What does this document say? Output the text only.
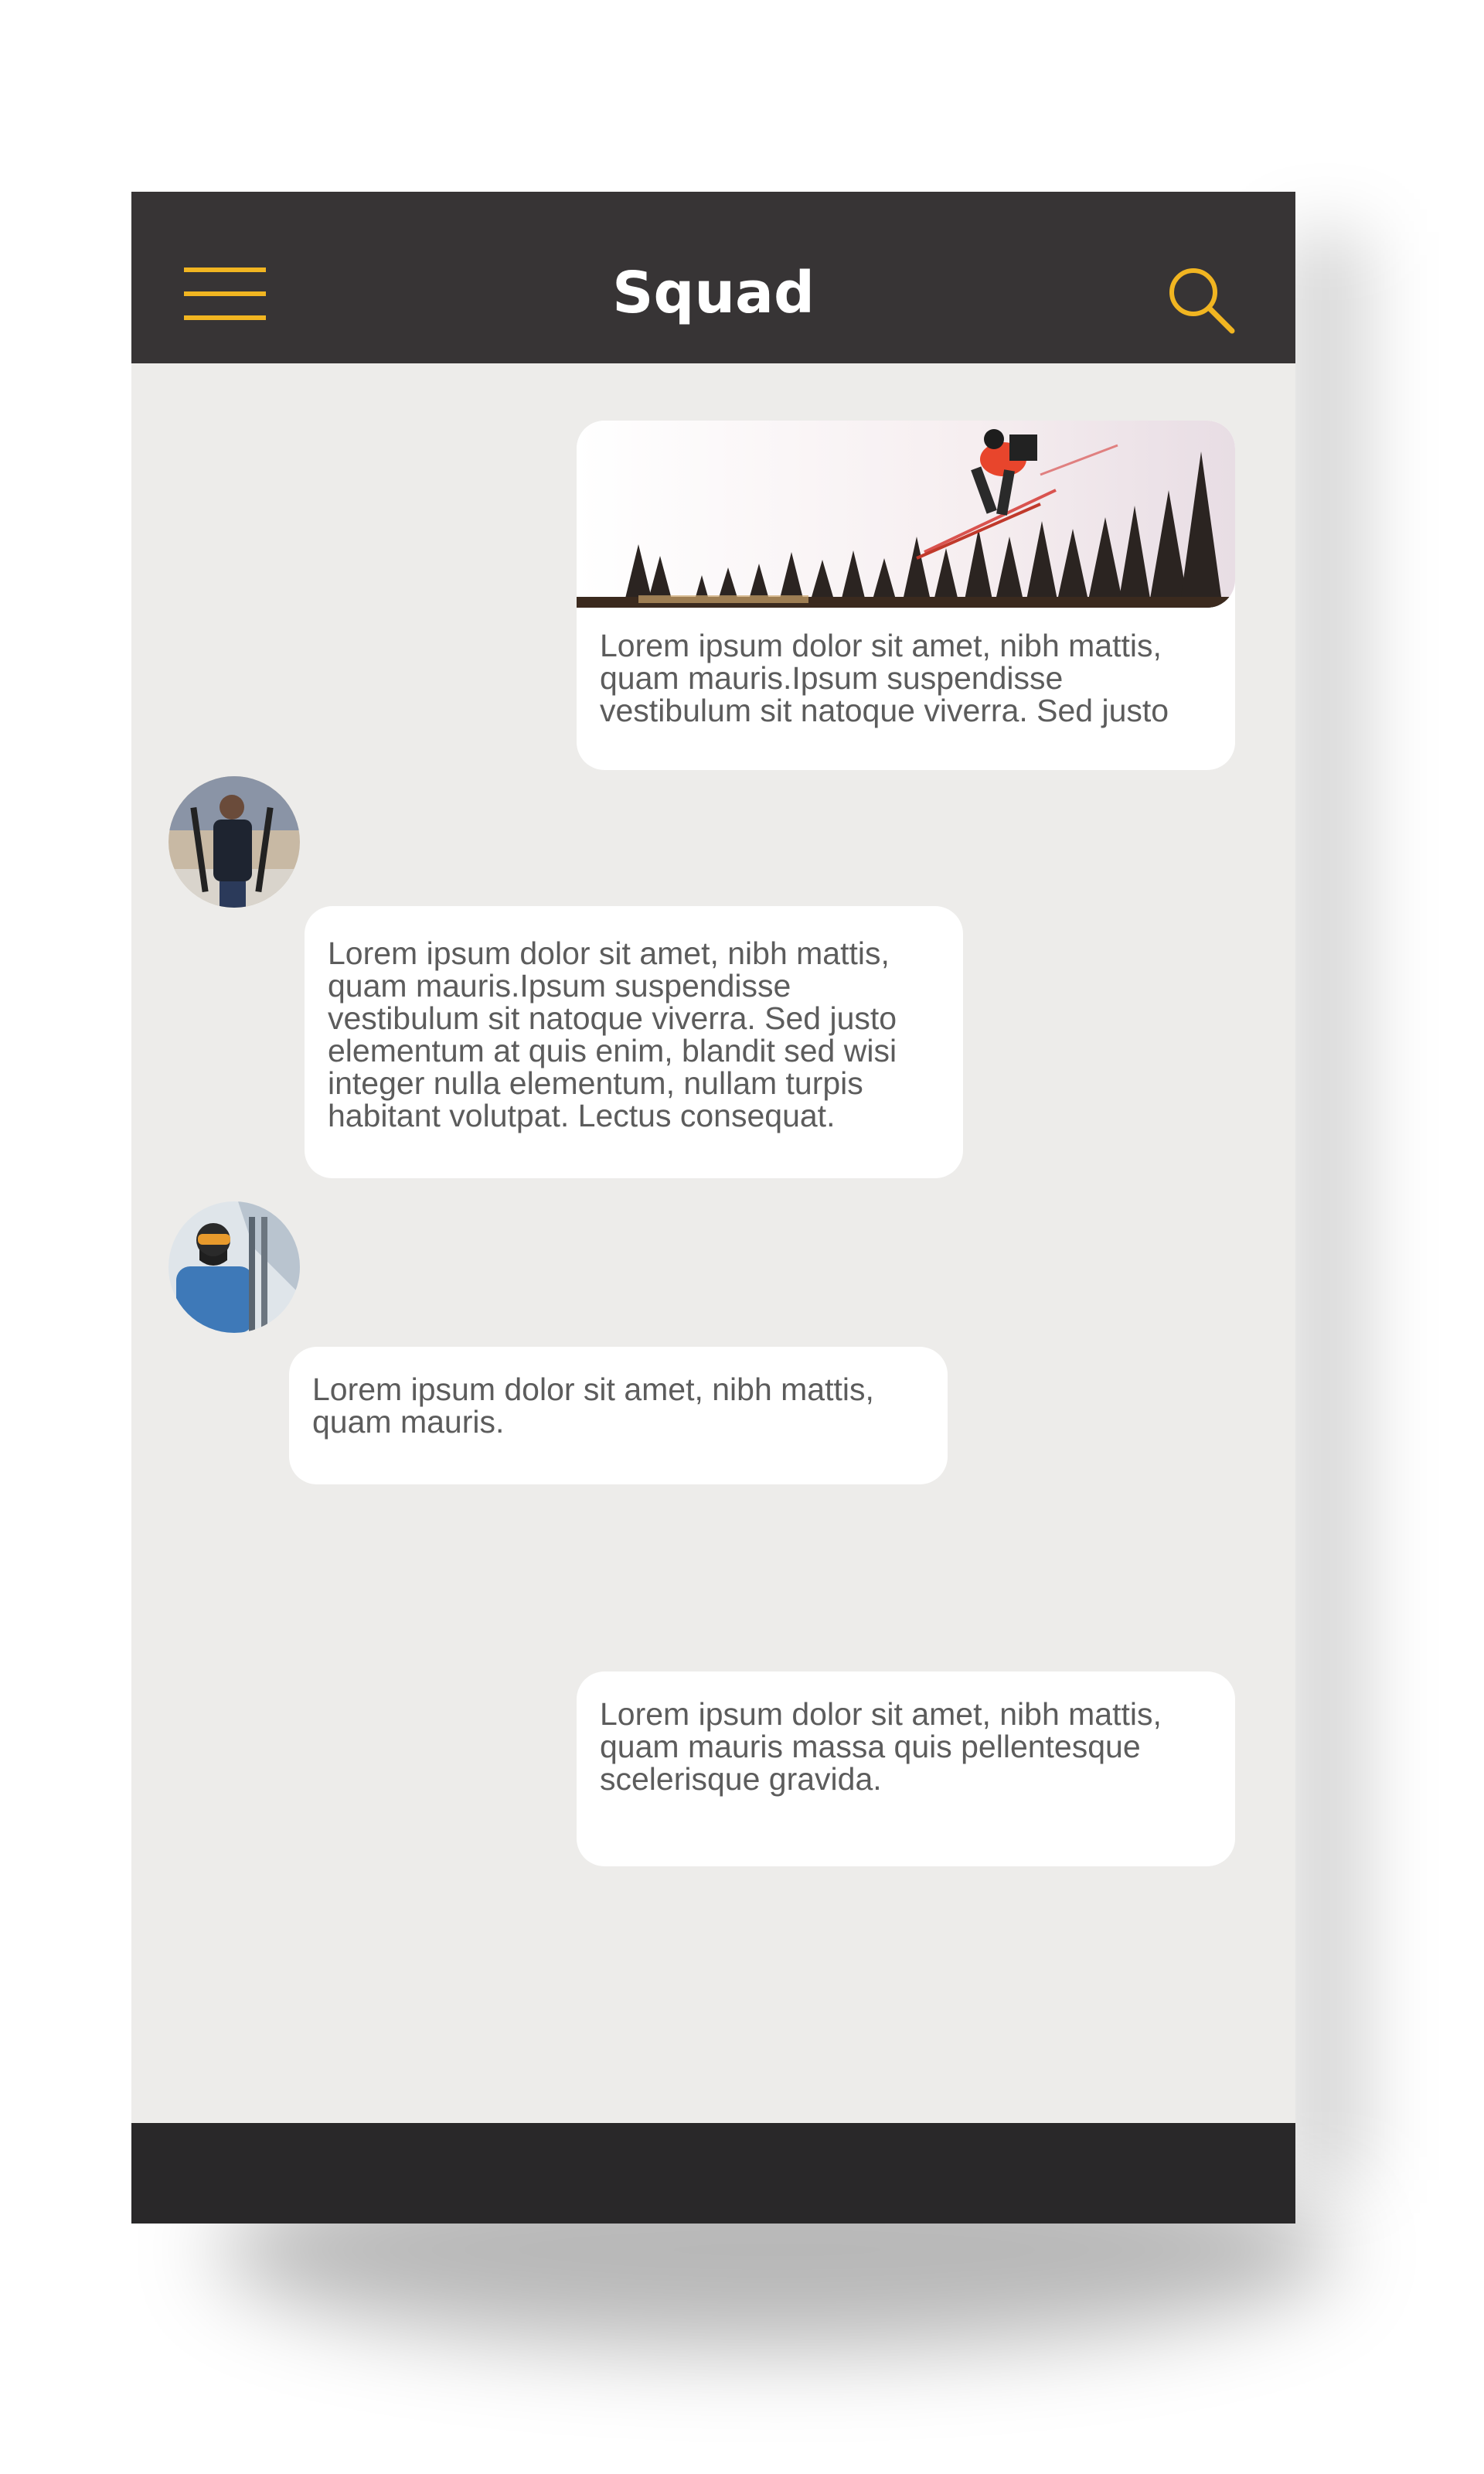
Squad

Lorem ipsum dolor sit amet, nibh mattis, quam mauris.Ipsum suspendisse vestibulum sit natoque viverra. Sed justo

Lorem ipsum dolor sit amet, nibh mattis, quam mauris.Ipsum suspendisse vestibulum sit natoque viverra. Sed justo elementum at quis enim, blandit sed wisi integer nulla elementum, nullam turpis habitant volutpat. Lectus consequat.

Lorem ipsum dolor sit amet, nibh mattis, quam mauris.

Lorem ipsum dolor sit amet, nibh mattis, quam mauris massa quis pellentesque scelerisque gravida.
